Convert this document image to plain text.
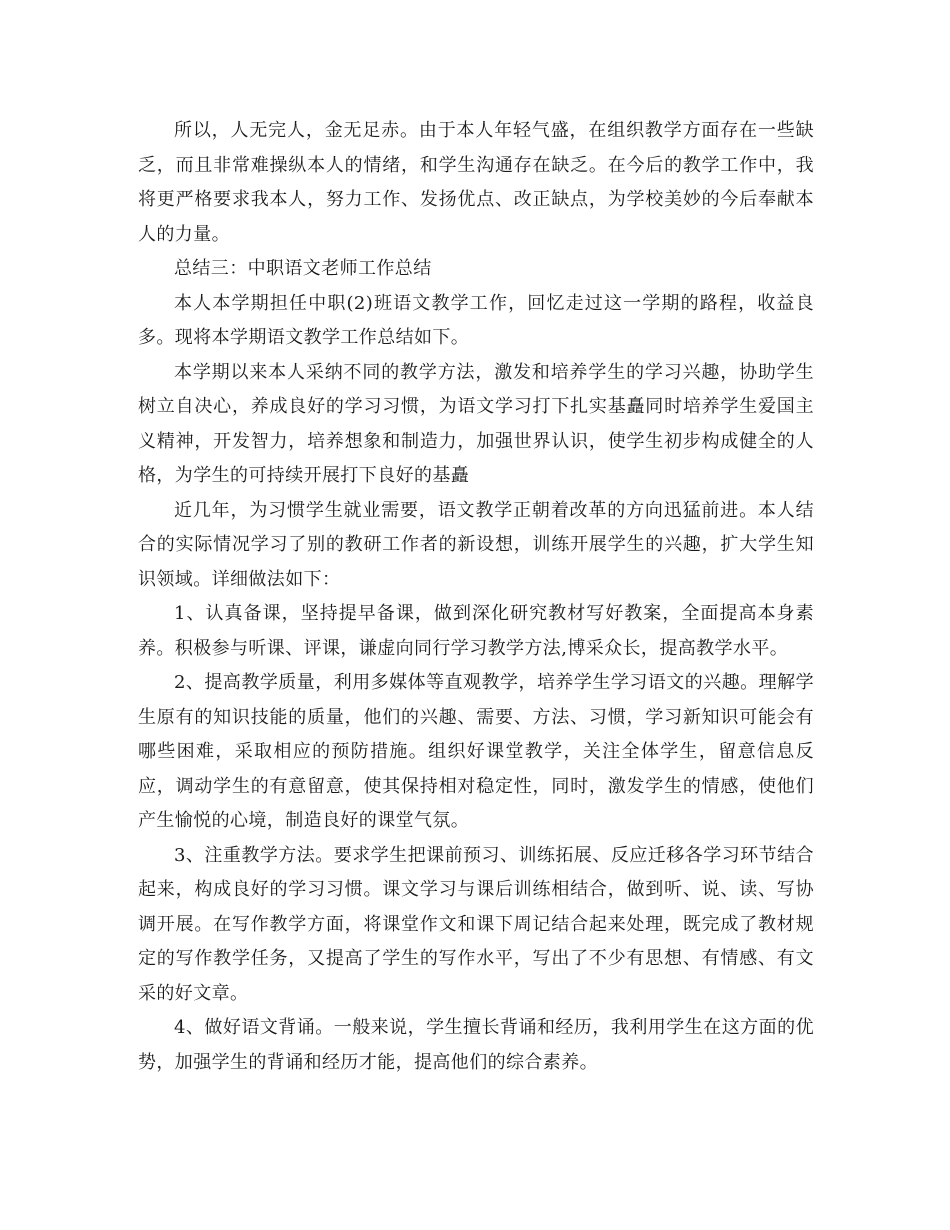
所以，人无完人，金无足赤。由于本人年轻气盛，在组织教学方面存在一些缺乏，而且非常难操纵本人的情绪，和学生沟通存在缺乏。在今后的教学工作中，我将更严格要求我本人，努力工作、发扬优点、改正缺点，为学校美妙的今后奉献本人的力量。

总结三：中职语文老师工作总结

本人本学期担任中职(2)班语文教学工作，回忆走过这一学期的路程，收益良多。现将本学期语文教学工作总结如下。

本学期以来本人采纳不同的教学方法，激发和培养学生的学习兴趣，协助学生树立自决心，养成良好的学习习惯，为语文学习打下扎实基矗同时培养学生爱国主义精神，开发智力，培养想象和制造力，加强世界认识，使学生初步构成健全的人格，为学生的可持续开展打下良好的基矗

近几年，为习惯学生就业需要，语文教学正朝着改革的方向迅猛前进。本人结合的实际情况学习了别的教研工作者的新设想，训练开展学生的兴趣，扩大学生知识领域。详细做法如下：

1、认真备课，坚持提早备课，做到深化研究教材写好教案，全面提高本身素养。积极参与听课、评课，谦虚向同行学习教学方法,博采众长，提高教学水平。

2、提高教学质量，利用多媒体等直观教学，培养学生学习语文的兴趣。理解学生原有的知识技能的质量，他们的兴趣、需要、方法、习惯，学习新知识可能会有哪些困难，采取相应的预防措施。组织好课堂教学，关注全体学生，留意信息反应，调动学生的有意留意，使其保持相对稳定性，同时，激发学生的情感，使他们产生愉悦的心境，制造良好的课堂气氛。

3、注重教学方法。要求学生把课前预习、训练拓展、反应迁移各学习环节结合起来，构成良好的学习习惯。课文学习与课后训练相结合，做到听、说、读、写协调开展。在写作教学方面，将课堂作文和课下周记结合起来处理，既完成了教材规定的写作教学任务，又提高了学生的写作水平，写出了不少有思想、有情感、有文采的好文章。

4、做好语文背诵。一般来说，学生擅长背诵和经历，我利用学生在这方面的优势，加强学生的背诵和经历才能，提高他们的综合素养。
